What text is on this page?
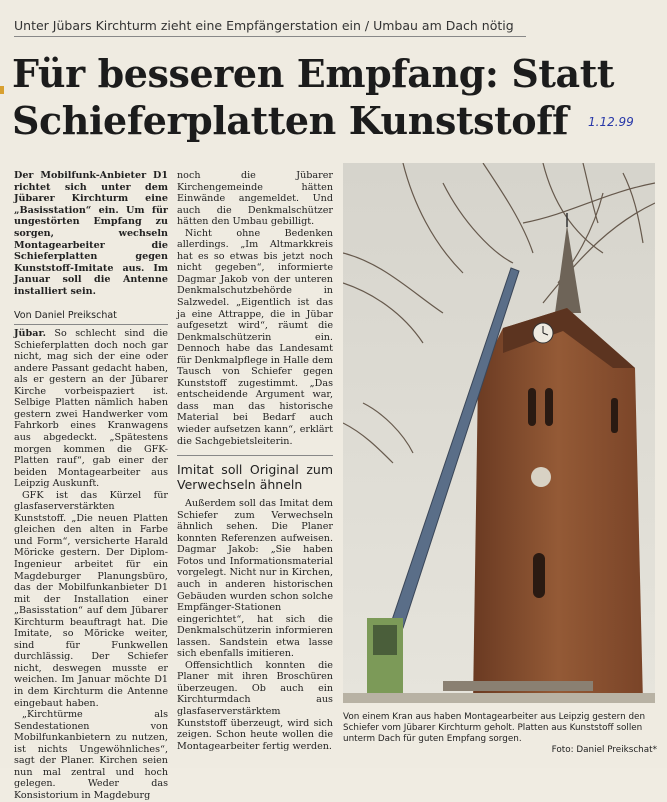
Unter Jübars Kirchturm zieht eine Empfängerstation ein / Umbau am Dach nötig
Für besseren Empfang: Statt
Schieferplatten Kunststoff	1.12.99

Der Mobilfunk-Anbieter D1 richtet sich unter dem Jübarer Kirchturm eine „Basisstation“ ein. Um für ungestörten Empfang zu sorgen, wechseln Montagearbeiter die Schieferplatten gegen Kunststoff-Imitate aus. Im Januar soll die Antenne installiert sein.

Von Daniel Preikschat

Jübar. So schlecht sind die Schieferplatten doch noch gar nicht, mag sich der eine oder andere Passant gedacht haben, als er gestern an der Jübarer Kirche vorbeispaziert ist. Selbige Platten nämlich haben gestern zwei Handwerker vom Fahrkorb eines Kranwagens aus abgedeckt. „Spätestens morgen kommen die GFK-Platten rauf“, gab einer der beiden Montagearbeiter aus Leipzig Auskunft.

GFK ist das Kürzel für glasfaserverstärkten Kunststoff. „Die neuen Platten gleichen den alten in Farbe und Form“, versicherte Harald Möricke gestern. Der Diplom-Ingenieur arbeitet für ein Magdeburger Planungsbüro, das der Mobilfunkanbieter D1 mit der Installation einer „Basisstation“ auf dem Jübarer Kirchturm beauftragt hat. Die Imitate, so Möricke weiter, sind für Funkwellen durchlässig. Der Schiefer nicht, deswegen musste er weichen. Im Januar möchte D1 in dem Kirchturm die Antenne eingebaut haben.

„Kirchtürme als Sendestationen von Mobilfunkanbietern zu nutzen, ist nichts Ungewöhnliches“, sagt der Planer. Kirchen seien nun mal zentral und hoch gelegen. Weder das Konsistorium in Magdeburg

noch die Jübarer Kirchengemeinde hätten Einwände angemeldet. Und auch die Denkmalschützer hätten den Umbau gebilligt.

Nicht ohne Bedenken allerdings. „Im Altmarkkreis hat es so etwas bis jetzt noch nicht gegeben“, informierte Dagmar Jakob von der unteren Denkmalschutzbehörde in Salzwedel. „Eigentlich ist das ja eine Attrappe, die in Jübar aufgesetzt wird“, räumt die Denkmalschützerin ein. Dennoch habe das Landesamt für Denkmalpflege in Halle dem Tausch von Schiefer gegen Kunststoff zugestimmt. „Das entscheidende Argument war, dass man das historische Material bei Bedarf auch wieder aufsetzen kann“, erklärt die Sachgebietsleiterin.

Imitat soll Original zum Verwechseln ähneln

Außerdem soll das Imitat dem Schiefer zum Verwechseln ähnlich sehen. Die Planer konnten Referenzen aufweisen. Dagmar Jakob: „Sie haben Fotos und Informationsmaterial vorgelegt. Nicht nur in Kirchen, auch in anderen historischen Gebäuden wurden schon solche Empfänger-Stationen eingerichtet“, hat sich die Denkmalschützerin informieren lassen. Sandstein etwa lasse sich ebenfalls imitieren.

Offensichtlich konnten die Planer mit ihren Broschüren überzeugen. Ob auch ein Kirchturmdach aus glasfaserverstärktem Kunststoff überzeugt, wird sich zeigen. Schon heute wollen die Montagearbeiter fertig werden.

Von einem Kran aus haben Montagearbeiter aus Leipzig gestern den Schiefer vom Jübarer Kirchturm geholt. Platten aus Kunststoff sollen unterm Dach für guten Empfang sorgen.
Foto: Daniel Preikschat*
